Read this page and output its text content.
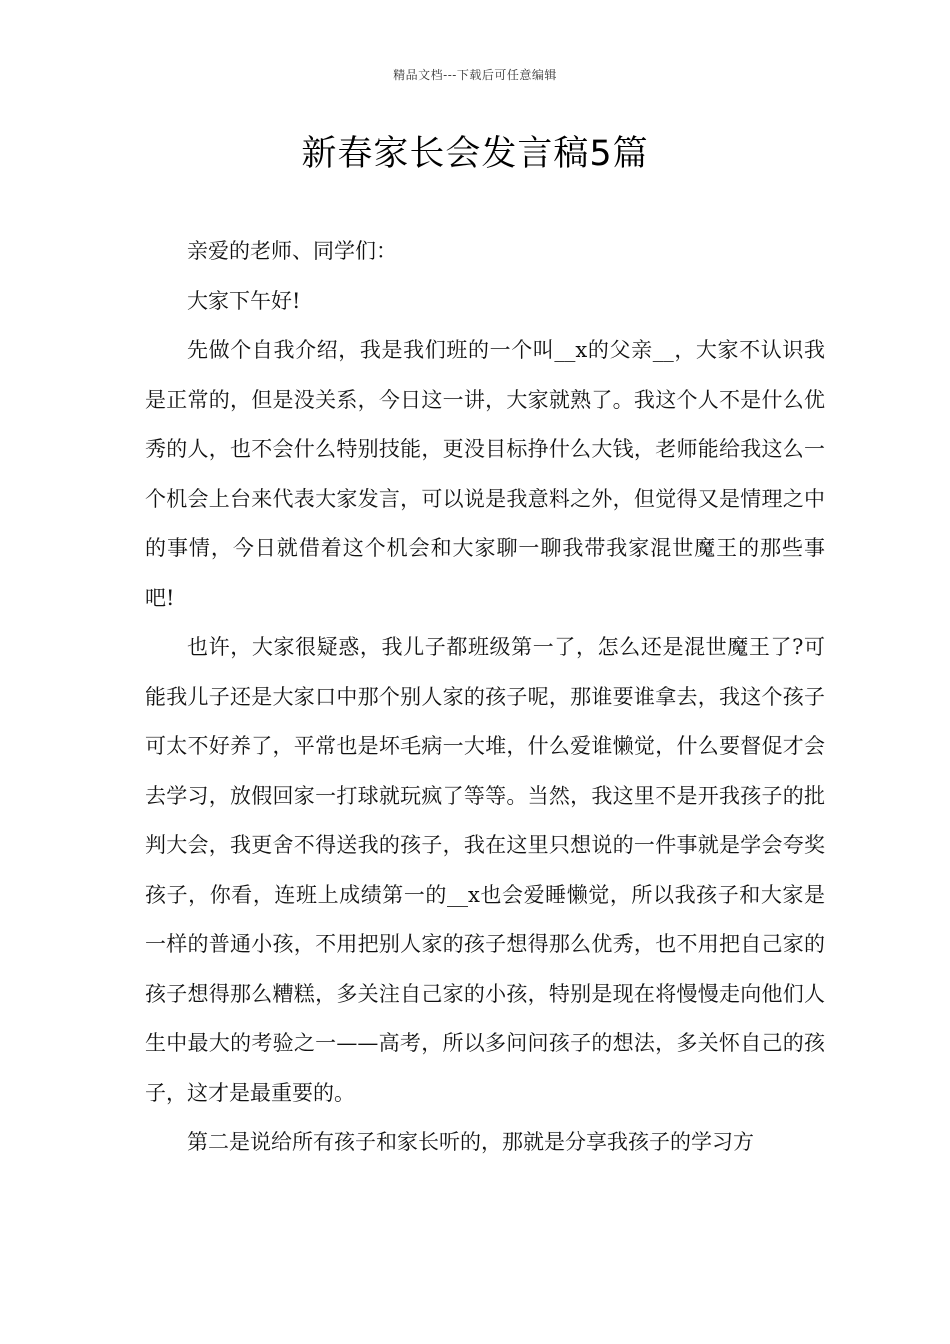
精品文档---下载后可任意编辑
新春家长会发言稿5篇

亲爱的老师、同学们：

大家下午好!

先做个自我介绍，我是我们班的一个叫__x的父亲__，大家不认识我是正常的，但是没关系，今日这一讲，大家就熟了。我这个人不是什么优秀的人，也不会什么特别技能，更没目标挣什么大钱，老师能给我这么一个机会上台来代表大家发言，可以说是我意料之外，但觉得又是情理之中的事情，今日就借着这个机会和大家聊一聊我带我家混世魔王的那些事吧!

也许，大家很疑惑，我儿子都班级第一了，怎么还是混世魔王了?可能我儿子还是大家口中那个别人家的孩子呢，那谁要谁拿去，我这个孩子可太不好养了，平常也是坏毛病一大堆，什么爱谁懒觉，什么要督促才会去学习，放假回家一打球就玩疯了等等。当然，我这里不是开我孩子的批判大会，我更舍不得送我的孩子，我在这里只想说的一件事就是学会夸奖孩子，你看，连班上成绩第一的__x也会爱睡懒觉，所以我孩子和大家是一样的普通小孩，不用把别人家的孩子想得那么优秀，也不用把自己家的孩子想得那么糟糕，多关注自己家的小孩，特别是现在将慢慢走向他们人生中最大的考验之一——高考，所以多问问孩子的想法，多关怀自己的孩子，这才是最重要的。

第二是说给所有孩子和家长听的，那就是分享我孩子的学习方
